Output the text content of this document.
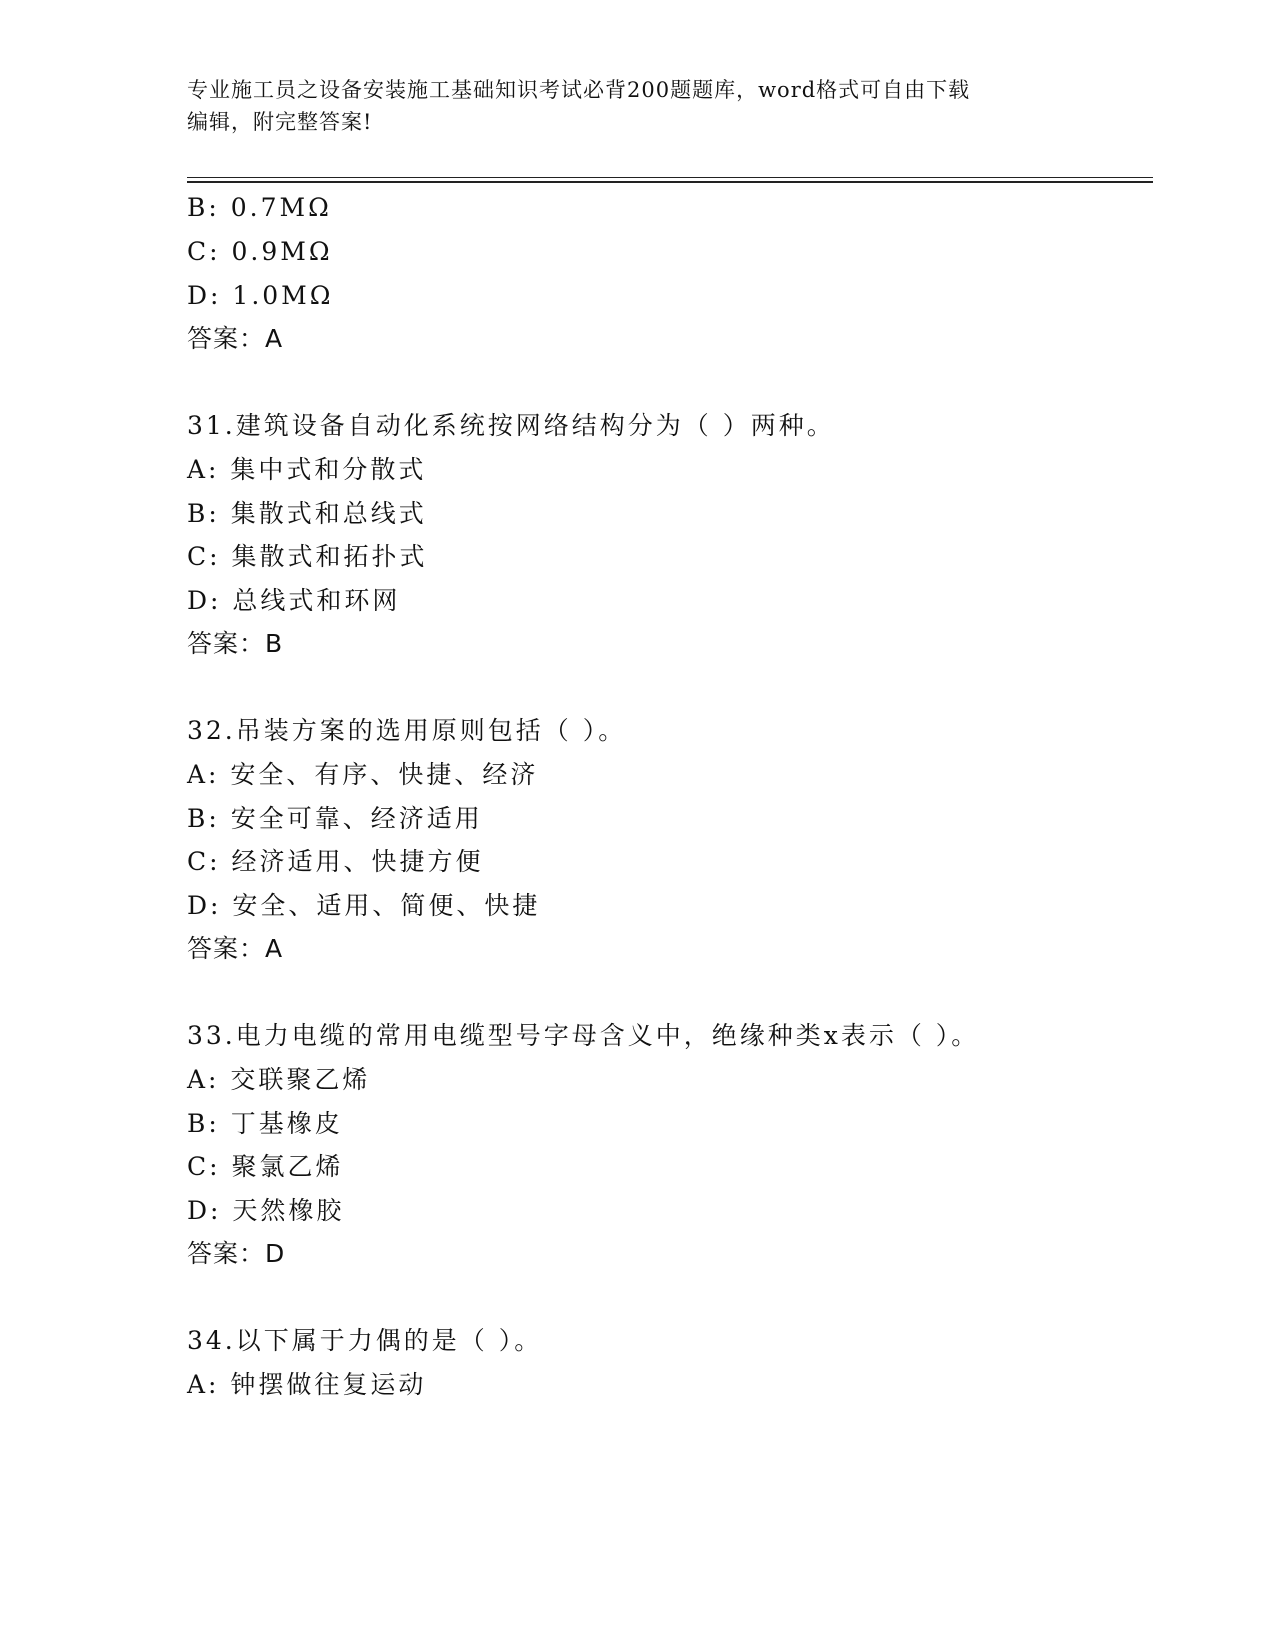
专业施工员之设备安装施工基础知识考试必背200题题库，word格式可自由下载
编辑，附完整答案!
B: 0.7MΩ
C: 0.9MΩ
D: 1.0MΩ
答案：A
31.建筑设备自动化系统按网络结构分为（ ）两种。
A: 集中式和分散式
B: 集散式和总线式
C: 集散式和拓扑式
D: 总线式和环网
答案：B
32.吊装方案的选用原则包括（ ）。
A: 安全、有序、快捷、经济
B: 安全可靠、经济适用
C: 经济适用、快捷方便
D: 安全、适用、简便、快捷
答案：A
33.电力电缆的常用电缆型号字母含义中，绝缘种类x表示（ ）。
A: 交联聚乙烯
B: 丁基橡皮
C: 聚氯乙烯
D: 天然橡胶
答案：D
34.以下属于力偶的是（ ）。
A: 钟摆做往复运动
